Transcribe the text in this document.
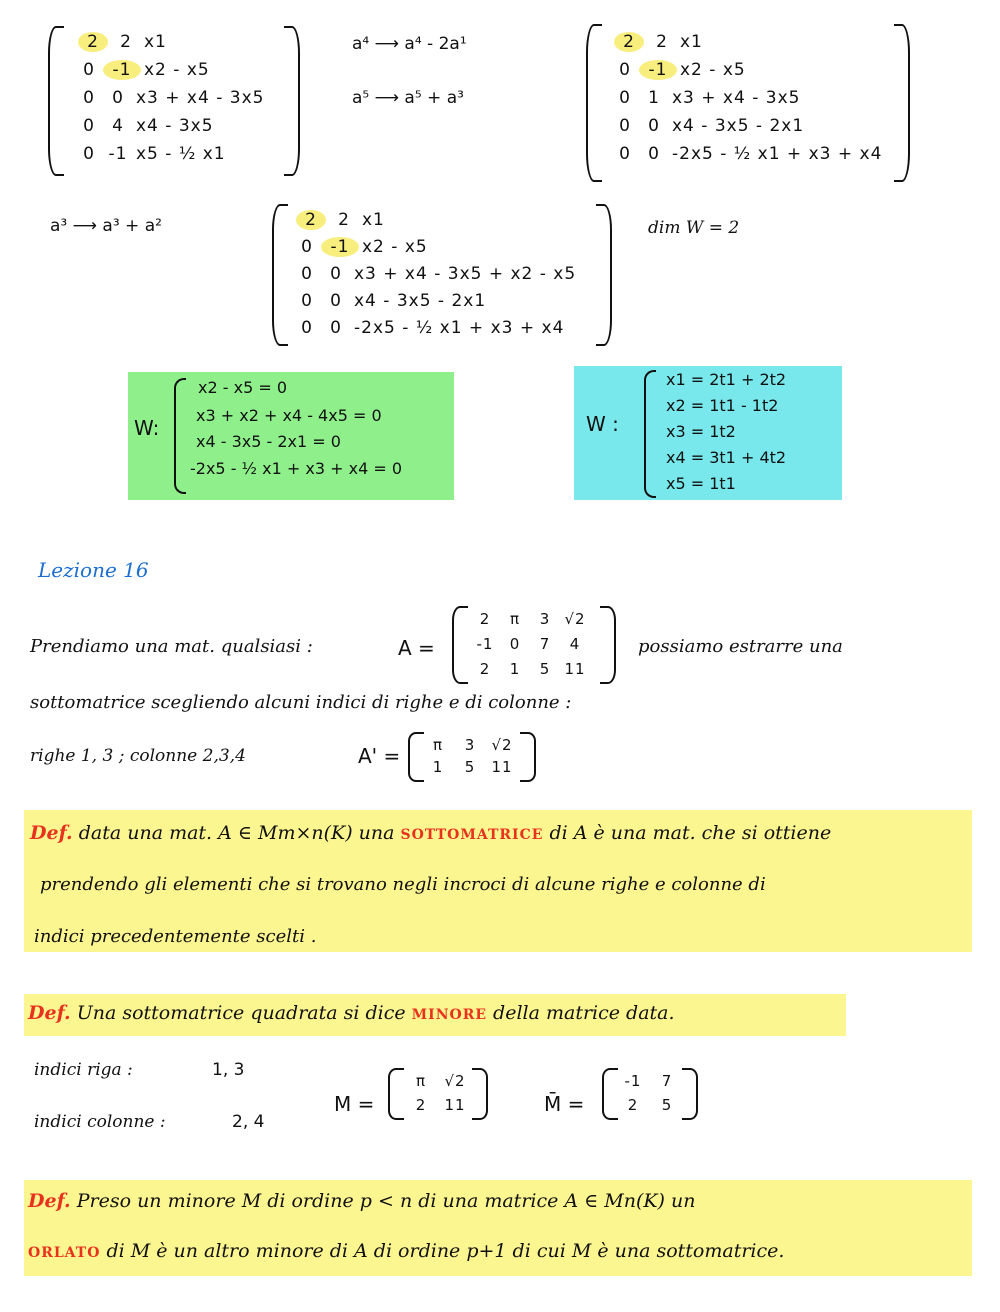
2 2 x1
0 -1 x2 - x5
0 0 x3 + x4 - 3x5
0 4 x4 - 3x5
0 -1 x5 - ½ x1
a⁴ ⟶ a⁴ - 2a¹
a⁵ ⟶ a⁵ + a³
2 2 x1
0 -1 x2 - x5
0 1 x3 + x4 - 3x5
0 0 x4 - 3x5 - 2x1
0 0 -2x5 - ½ x1 + x3 + x4
a³ ⟶ a³ + a²	2 2 x1
0 -1 x2 - x5
0 0 x3 + x4 - 3x5 + x2 - x5
0 0 x4 - 3x5 - 2x1
0 0 -2x5 - ½ x1 + x3 + x4
dim W = 2
W:
x2 - x5 = 0
x3 + x2 + x4 - 4x5 = 0
x4 - 3x5 - 2x1 = 0
-2x5 - ½ x1 + x3 + x4 = 0
W :
x1 = 2t1 + 2t2
x2 = 1t1 - 1t2
x3 = 1t2
x4 = 3t1 + 4t2
x5 = 1t1
Lezione 16
Prendiamo una mat. qualsiasi :	A =
2 π 3 √2
-1 0 7 4
2 1 5 11
possiamo estrarre una
sottomatrice scegliendo alcuni indici di righe e di colonne :
righe 1, 3 ; colonne 2,3,4	A' =	π 3 √2
1 5 11
Def. data una mat. A ∈ Mm×n(K) una SOTTOMATRICE di A è una mat. che si ottiene
prendendo gli elementi che si trovano negli incroci di alcune righe e colonne di
indici precedentemente scelti .
Def. Una sottomatrice quadrata si dice MINORE della matrice data.
indici riga :	1, 3
indici colonne :	2, 4
M =
π √2
2 11	M̄ =
-1 7
2 5
Def. Preso un minore M di ordine p < n di una matrice A ∈ Mn(K) un
ORLATO di M è un altro minore di A di ordine p+1 di cui M è una sottomatrice.
